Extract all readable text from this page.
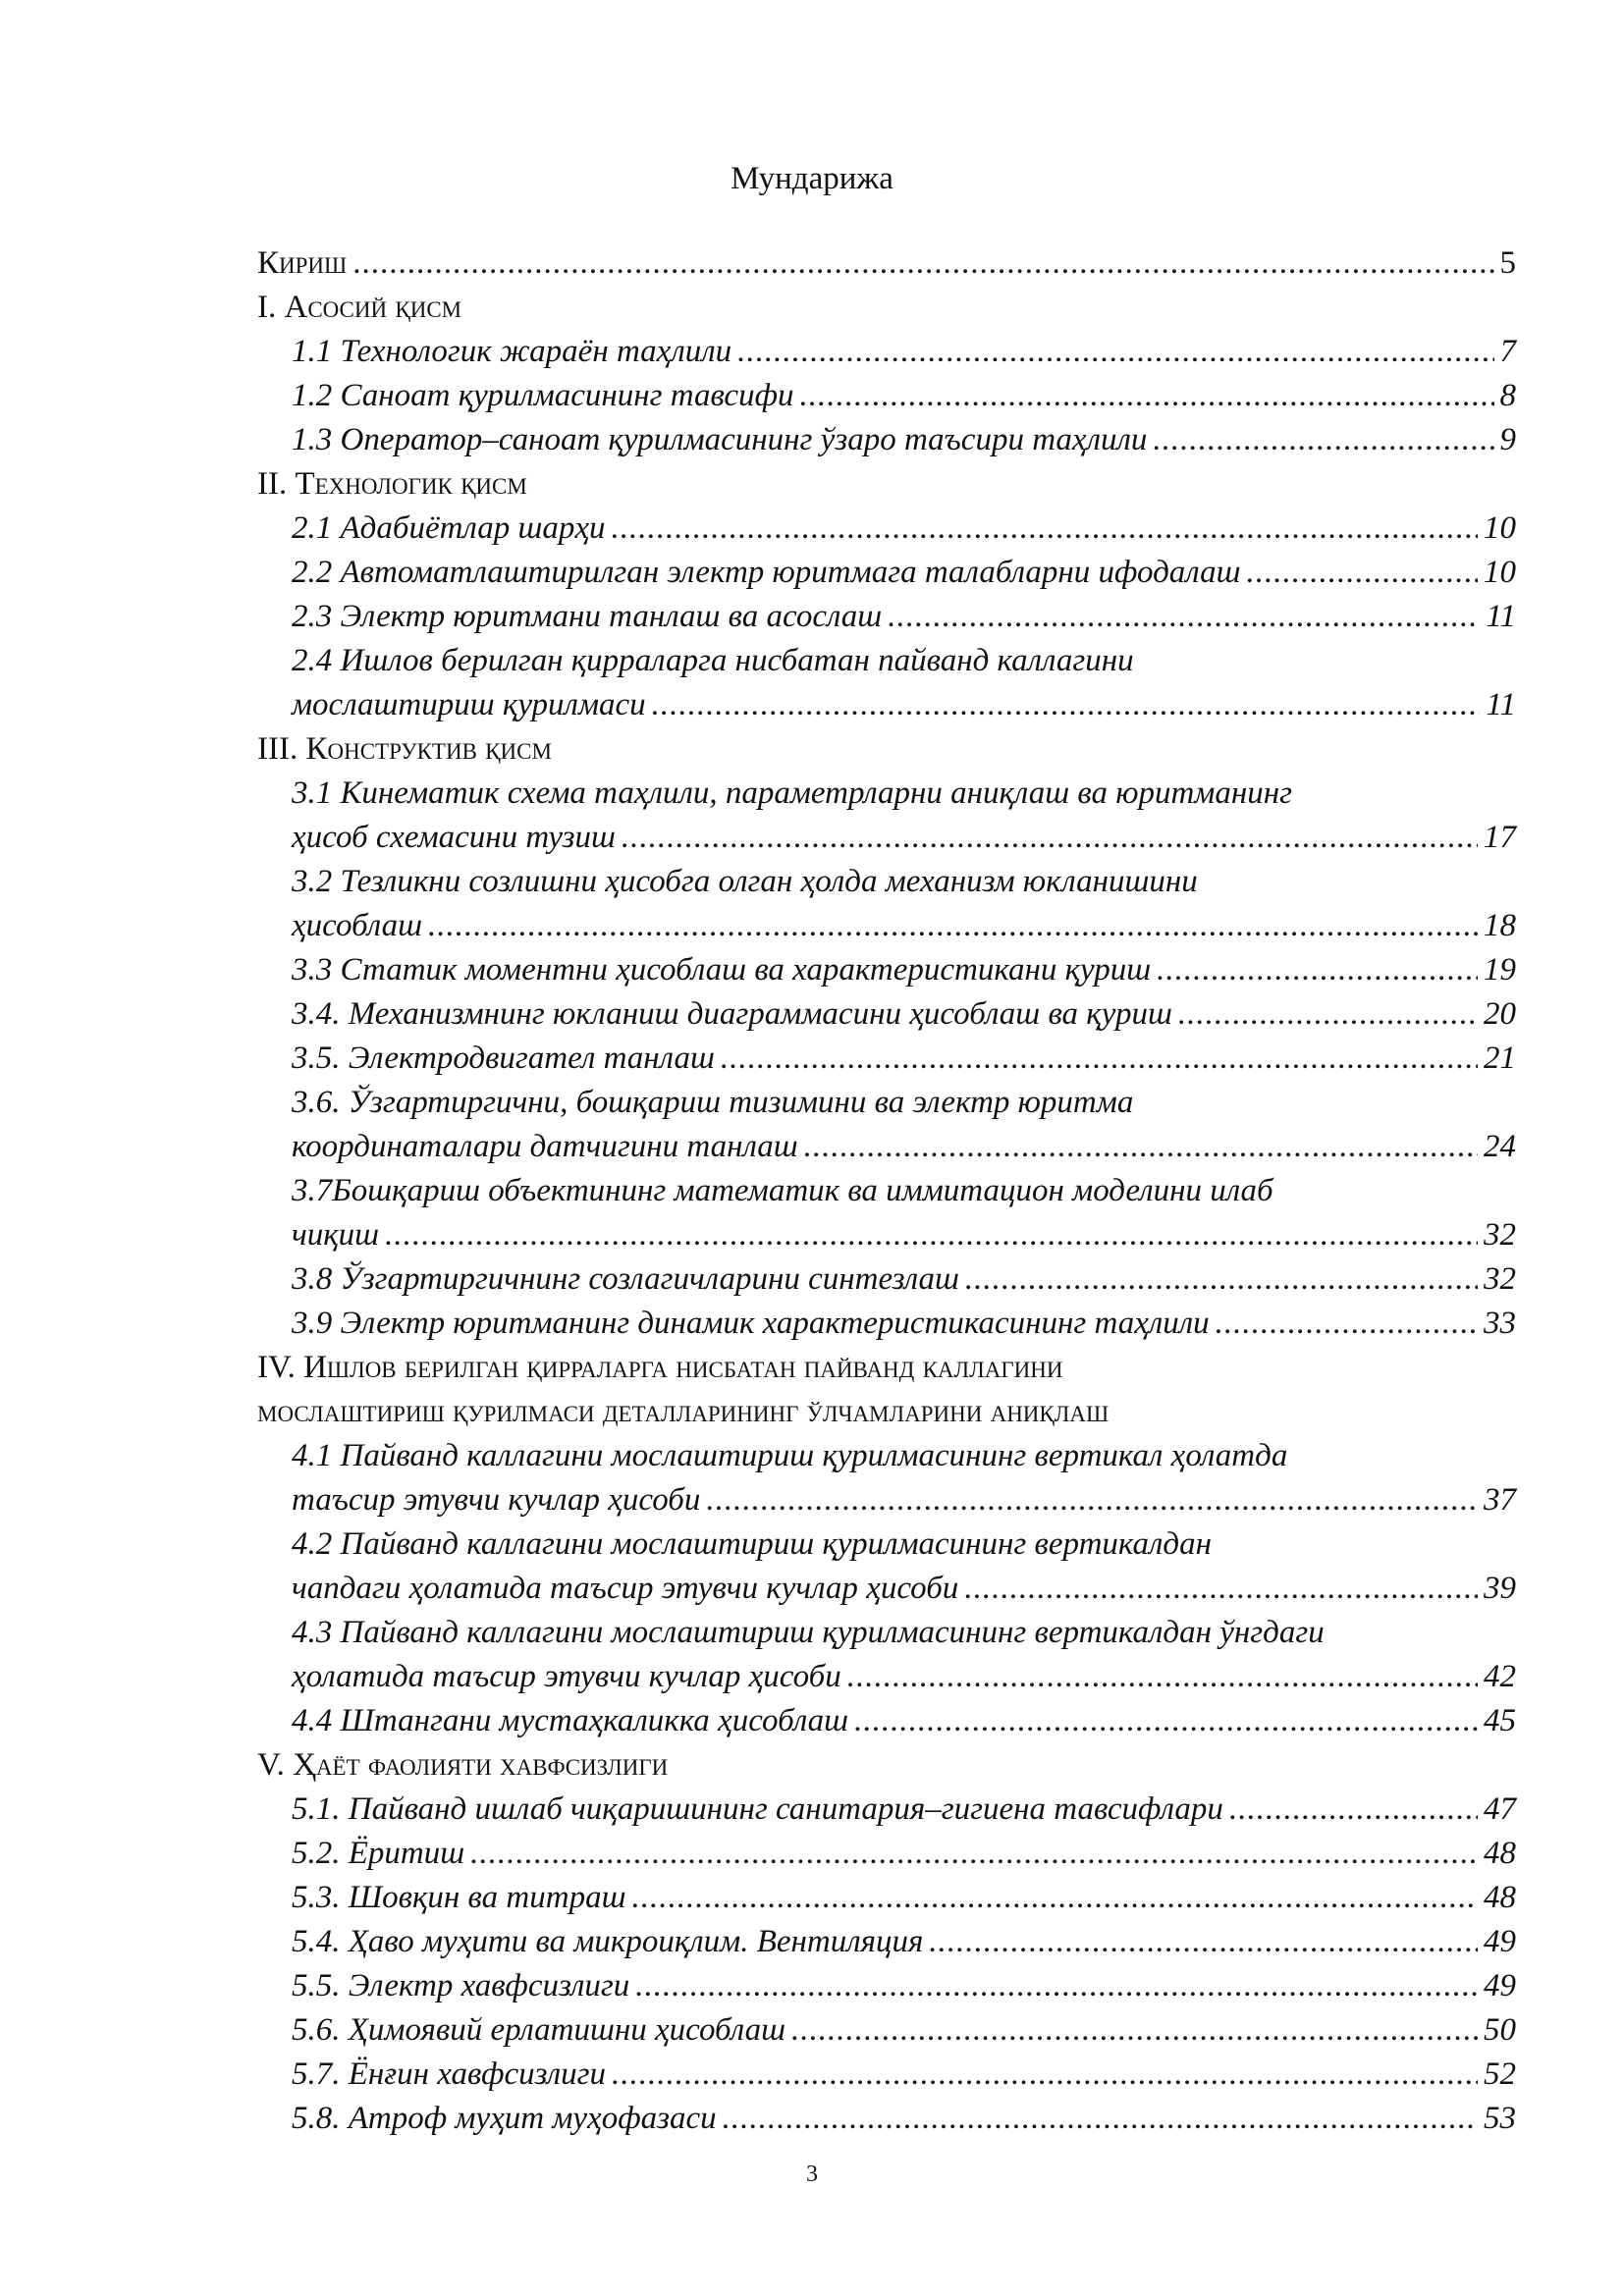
Мундарижа
Кириш .....	5
I. Асосий қисм
1.1 Технологик жараён таҳлили .....	7
1.2 Саноат қурилмасининг тавсифи .....	8
1.3 Оператор–саноат қурилмасининг ўзаро таъсири таҳлили .....	9
II. Технологик қисм
2.1 Адабиётлар шарҳи .....	10
2.2 Автоматлаштирилган электр юритмага талабларни ифодалаш .....	10
2.3 Электр юритмани танлаш ва асослаш .....	11
2.4 Ишлов берилган қирраларга нисбатан пайванд каллагини
мослаштириш қурилмаси .....	11
III. Конструктив қисм
3.1 Кинематик схема таҳлили, параметрларни аниқлаш ва юритманинг
ҳисоб схемасини тузиш .....	17
3.2 Тезликни созлишни ҳисобга олган ҳолда механизм юкланишини
ҳисоблаш .....	18
3.3 Статик моментни ҳисоблаш ва характеристикани қуриш .....	19
3.4. Механизмнинг юкланиш диаграммасини ҳисоблаш ва қуриш .....	20
3.5. Электродвигател танлаш .....	21
3.6. Ўзгартиргични, бошқариш тизимини ва электр юритма
координаталари датчигини танлаш .....	24
3.7Бошқариш объектининг математик ва иммитацион моделини илаб
чиқиш .....	32
3.8 Ўзгартиргичнинг созлагичларини синтезлаш .....	32
3.9 Электр юритманинг динамик характеристикасининг таҳлили .....	33
IV. Ишлов берилган қирраларга нисбатан пайванд каллагини
мослаштириш қурилмаси деталларининг ўлчамларини аниқлаш
4.1 Пайванд каллагини мослаштириш қурилмасининг вертикал ҳолатда
таъсир этувчи кучлар ҳисоби .....	37
4.2 Пайванд каллагини мослаштириш қурилмасининг вертикалдан
чапдаги ҳолатида таъсир этувчи кучлар ҳисоби .....	39
4.3 Пайванд каллагини мослаштириш қурилмасининг вертикалдан ўнгдаги
ҳолатида таъсир этувчи кучлар ҳисоби .....	42
4.4 Штангани мустаҳкаликка ҳисоблаш .....	45
V. Ҳаёт фаолияти хавфсизлиги
5.1. Пайванд ишлаб чиқаришининг санитария–гигиена тавсифлари .....	47
5.2. Ёритиш .....	48
5.3. Шовқин ва титраш .....	48
5.4. Ҳаво муҳити ва микроиқлим. Вентиляция .....	49
5.5. Электр хавфсизлиги .....	49
5.6. Ҳимоявий ерлатишни ҳисоблаш .....	50
5.7. Ёнғин хавфсизлиги .....	52
5.8. Атроф муҳит муҳофазаси .....	53
3
